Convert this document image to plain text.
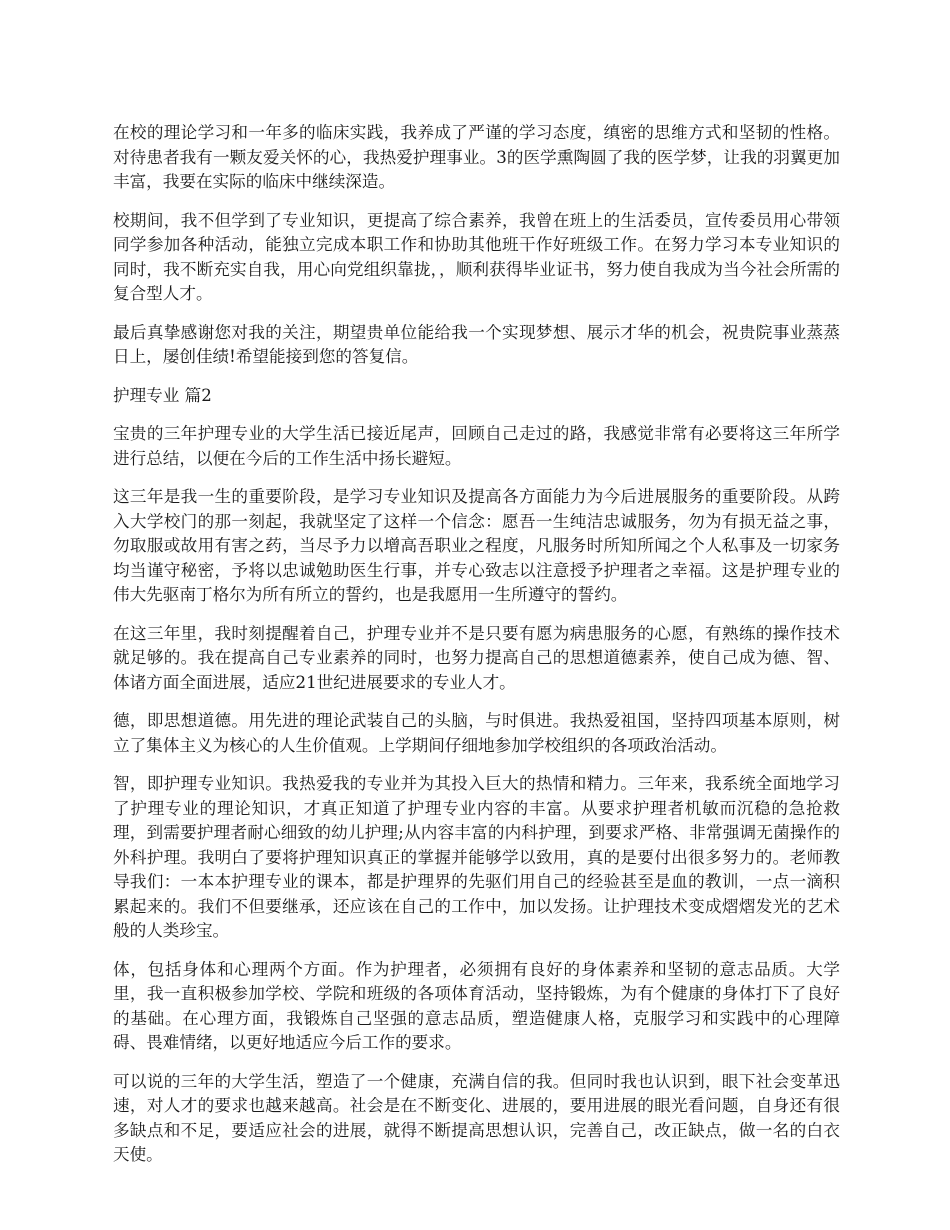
在校的理论学习和一年多的临床实践，我养成了严谨的学习态度，缜密的思维方式和坚韧的性格。对待患者我有一颗友爱关怀的心，我热爱护理事业。3的医学熏陶圆了我的医学梦，让我的羽翼更加丰富，我要在实际的临床中继续深造。

校期间，我不但学到了专业知识，更提高了综合素养，我曾在班上的生活委员，宣传委员用心带领同学参加各种活动，能独立完成本职工作和协助其他班干作好班级工作。在努力学习本专业知识的同时，我不断充实自我，用心向党组织靠拢，，顺利获得毕业证书，努力使自我成为当今社会所需的复合型人才。

最后真挚感谢您对我的关注，期望贵单位能给我一个实现梦想、展示才华的机会，祝贵院事业蒸蒸日上，屡创佳绩!希望能接到您的答复信。

护理专业 篇2

宝贵的三年护理专业的大学生活已接近尾声，回顾自己走过的路，我感觉非常有必要将这三年所学进行总结，以便在今后的工作生活中扬长避短。

这三年是我一生的重要阶段，是学习专业知识及提高各方面能力为今后进展服务的重要阶段。从跨入大学校门的那一刻起，我就坚定了这样一个信念：愿吾一生纯洁忠诚服务，勿为有损无益之事，勿取服或故用有害之药，当尽予力以增高吾职业之程度，凡服务时所知所闻之个人私事及一切家务均当谨守秘密，予将以忠诚勉助医生行事，并专心致志以注意授予护理者之幸福。这是护理专业的伟大先驱南丁格尔为所有所立的誓约，也是我愿用一生所遵守的誓约。

在这三年里，我时刻提醒着自己，护理专业并不是只要有愿为病患服务的心愿，有熟练的操作技术就足够的。我在提高自己专业素养的同时，也努力提高自己的思想道德素养，使自己成为德、智、体诸方面全面进展，适应21世纪进展要求的专业人才。

德，即思想道德。用先进的理论武装自己的头脑，与时俱进。我热爱祖国，坚持四项基本原则，树立了集体主义为核心的人生价值观。上学期间仔细地参加学校组织的各项政治活动。

智，即护理专业知识。我热爱我的专业并为其投入巨大的热情和精力。三年来，我系统全面地学习了护理专业的理论知识，才真正知道了护理专业内容的丰富。从要求护理者机敏而沉稳的急抢救理，到需要护理者耐心细致的幼儿护理;从内容丰富的内科护理，到要求严格、非常强调无菌操作的外科护理。我明白了要将护理知识真正的掌握并能够学以致用，真的是要付出很多努力的。老师教导我们：一本本护理专业的课本，都是护理界的先驱们用自己的经验甚至是血的教训，一点一滴积累起来的。我们不但要继承，还应该在自己的工作中，加以发扬。让护理技术变成熠熠发光的艺术般的人类珍宝。

体，包括身体和心理两个方面。作为护理者，必须拥有良好的身体素养和坚韧的意志品质。大学里，我一直积极参加学校、学院和班级的各项体育活动，坚持锻炼，为有个健康的身体打下了良好的基础。在心理方面，我锻炼自己坚强的意志品质，塑造健康人格，克服学习和实践中的心理障碍、畏难情绪，以更好地适应今后工作的要求。

可以说的三年的大学生活，塑造了一个健康，充满自信的我。但同时我也认识到，眼下社会变革迅速，对人才的要求也越来越高。社会是在不断变化、进展的，要用进展的眼光看问题，自身还有很多缺点和不足，要适应社会的进展，就得不断提高思想认识，完善自己，改正缺点，做一名的白衣天使。
